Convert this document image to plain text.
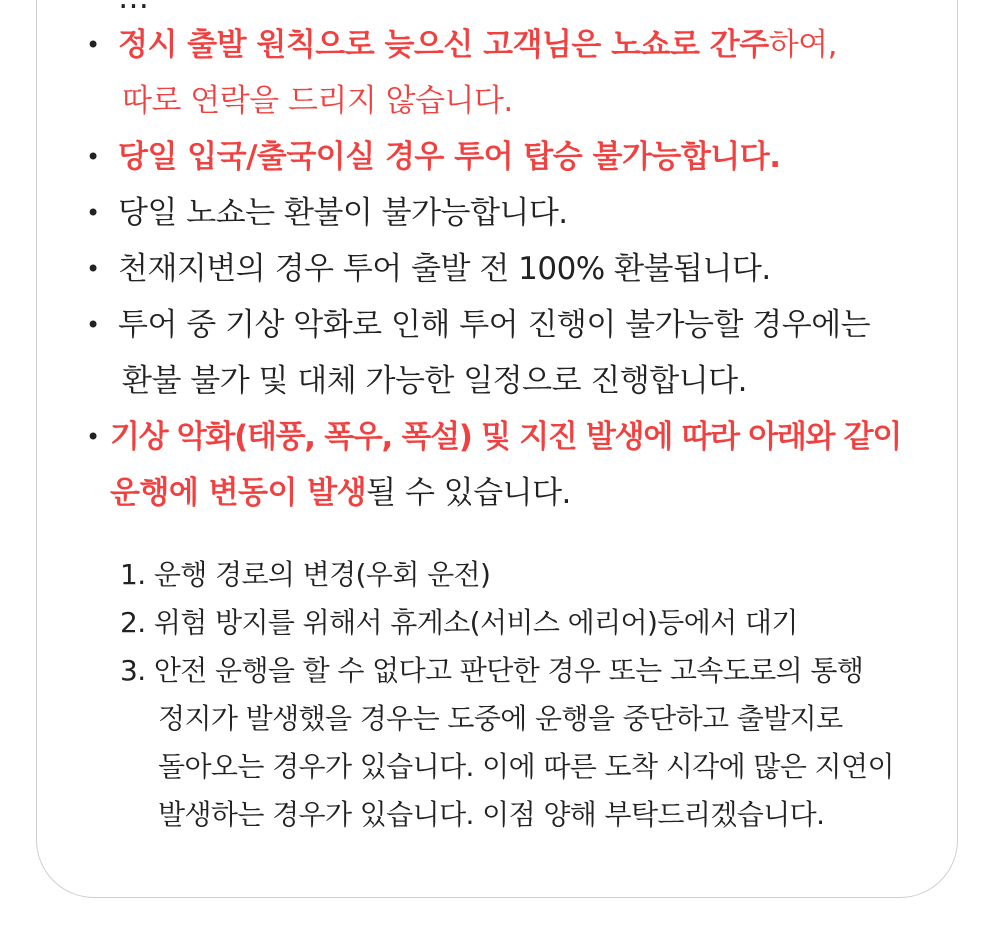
• 정시 출발 원칙으로 늦으신 고객님은 노쇼로 간주하여,
따로 연락을 드리지 않습니다.
• 당일 입국/출국이실 경우 투어 탑승 불가능합니다.
• 당일 노쇼는 환불이 불가능합니다.
• 천재지변의 경우 투어 출발 전 100% 환불됩니다.
• 투어 중 기상 악화로 인해 투어 진행이 불가능할 경우에는
환불 불가 및 대체 가능한 일정으로 진행합니다.
• 기상 악화(태풍, 폭우, 폭설) 및 지진 발생에 따라 아래와 같이
운행에 변동이 발생될 수 있습니다.
1. 운행 경로의 변경(우회 운전)
2. 위험 방지를 위해서 휴게소(서비스 에리어)등에서 대기
3. 안전 운행을 할 수 없다고 판단한 경우 또는 고속도로의 통행
정지가 발생했을 경우는 도중에 운행을 중단하고 출발지로
돌아오는 경우가 있습니다. 이에 따른 도착 시각에 많은 지연이
발생하는 경우가 있습니다. 이점 양해 부탁드리겠습니다.
